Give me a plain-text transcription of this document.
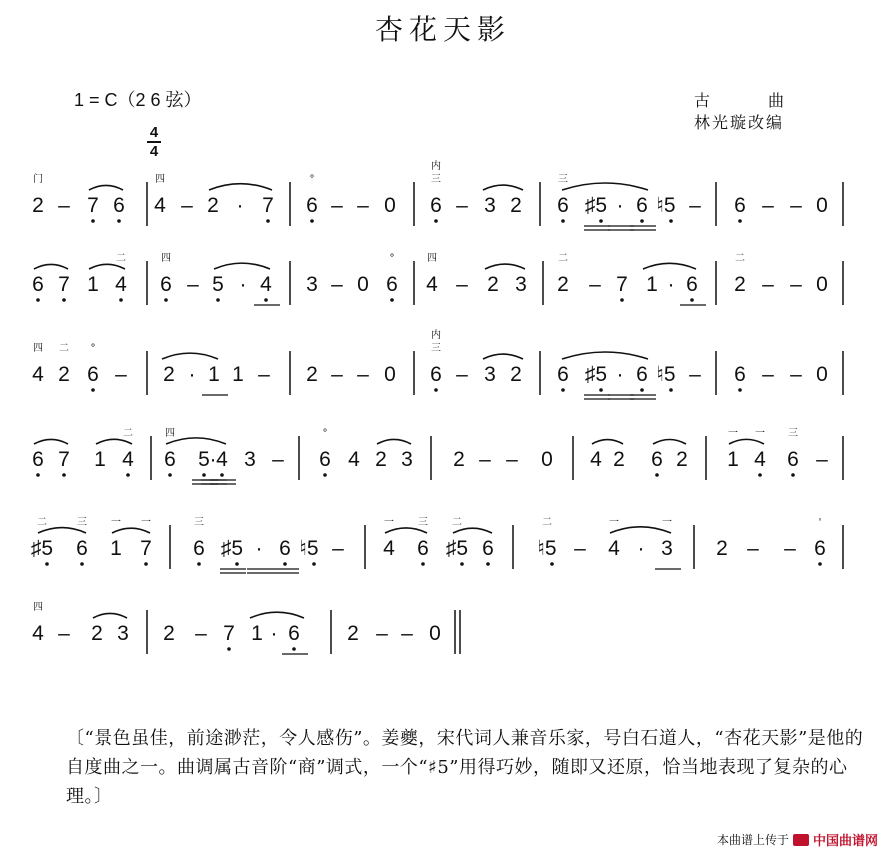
杏花天影
1 = C（2 6 弦）
4
4
古曲
林光璇改编
2
门
– 7 6 4
四
– 2 · 7 6
°
– – 0 6
内
三
– 3 2 6
三
♯5 · 6 ♮5 – 6 – – 0
6 7 1 4
二
6
四
– 5 · 4 3 – 0 6
°
4
四
– 2 3 2
二
– 7 1 · 6 2
二
– – 0
4
四
2
二
6
°
– 2 · 1 1 – 2 – – 0 6
内
三
– 3 2 6 ♯5 · 6 ♮5 – 6 – – 0
6 7 1 4
二
6
四
5 · 4 3 – 6
°
4 2 3 2 – – 0 4 2 6 2 1
一
4
一
6
三
–
♯5
二
6
三
1
一
7
一
6
三
♯5 · 6 ♮5 – 4
一
6
三
♯5
二
6 ♮5
二
– 4
一
· 3
一
2 – – 6
'
4
四
– 2 3 2 – 7 1 · 6 2 – – 0
〔“景色虽佳，前途渺茫，令人感伤”。姜夔，宋代词人兼音乐家，号白石道人，“杏花天影”是他的自度曲之一。曲调属古音阶“商”调式，一个“♯5”用得巧妙，随即又还原，恰当地表现了复杂的心理。〕
本曲谱上传于 中国曲谱网
